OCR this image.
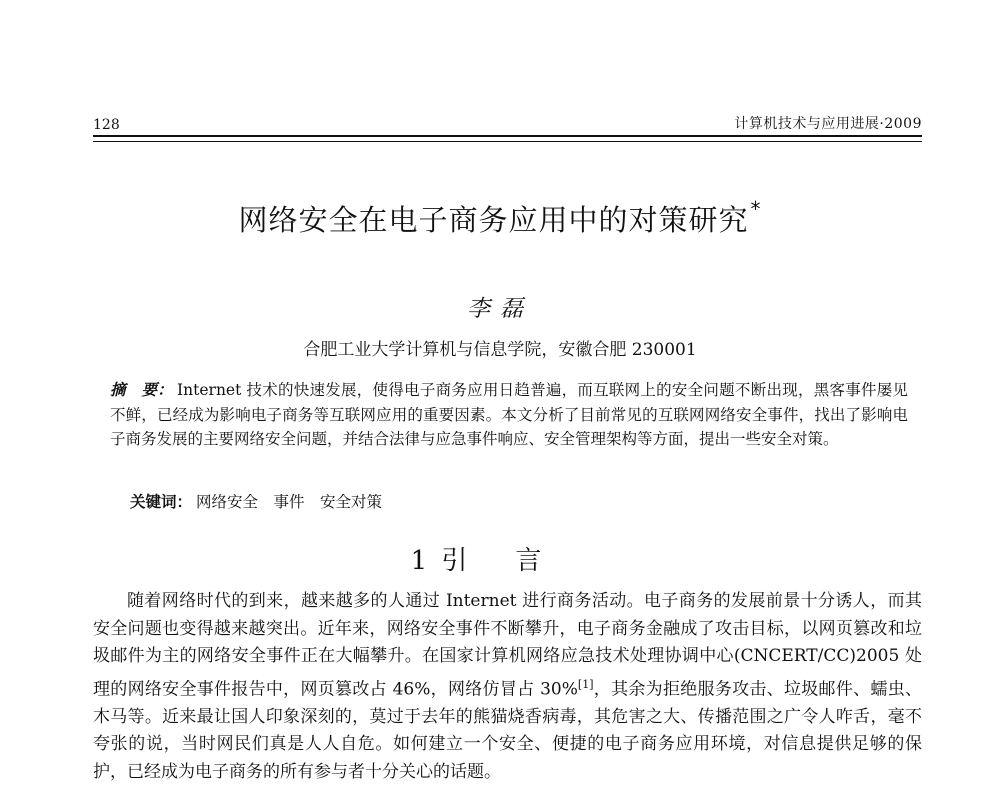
128	计算机技术与应用进展·2009
网络安全在电子商务应用中的对策研究 *
李磊
合肥工业大学计算机与信息学院，安徽合肥 230001
摘　要： Internet 技术的快速发展，使得电子商务应用日趋普遍，而互联网上的安全问题不断出现，黑客事件屡见不鲜，已经成为影响电子商务等互联网应用的重要因素。本文分析了目前常见的互联网网络安全事件，找出了影响电子商务发展的主要网络安全问题，并结合法律与应急事件响应、安全管理架构等方面，提出一些安全对策。
关键词： 网络安全　事件　安全对策
1 引言

随着网络时代的到来，越来越多的人通过 Internet 进行商务活动。电子商务的发展前景十分诱人，而其安全问题也变得越来越突出。近年来，网络安全事件不断攀升，电子商务金融成了攻击目标，以网页篡改和垃圾邮件为主的网络安全事件正在大幅攀升。在国家计算机网络应急技术处理协调中心(CNCERT/CC)2005 处理的网络安全事件报告中，网页篡改占 46%，网络仿冒占 30%[1]，其余为拒绝服务攻击、垃圾邮件、蠕虫、木马等。近来最让国人印象深刻的，莫过于去年的熊猫烧香病毒，其危害之大、传播范围之广令人咋舌，毫不夸张的说，当时网民们真是人人自危。如何建立一个安全、便捷的电子商务应用环境，对信息提供足够的保护，已经成为电子商务的所有参与者十分关心的话题。
